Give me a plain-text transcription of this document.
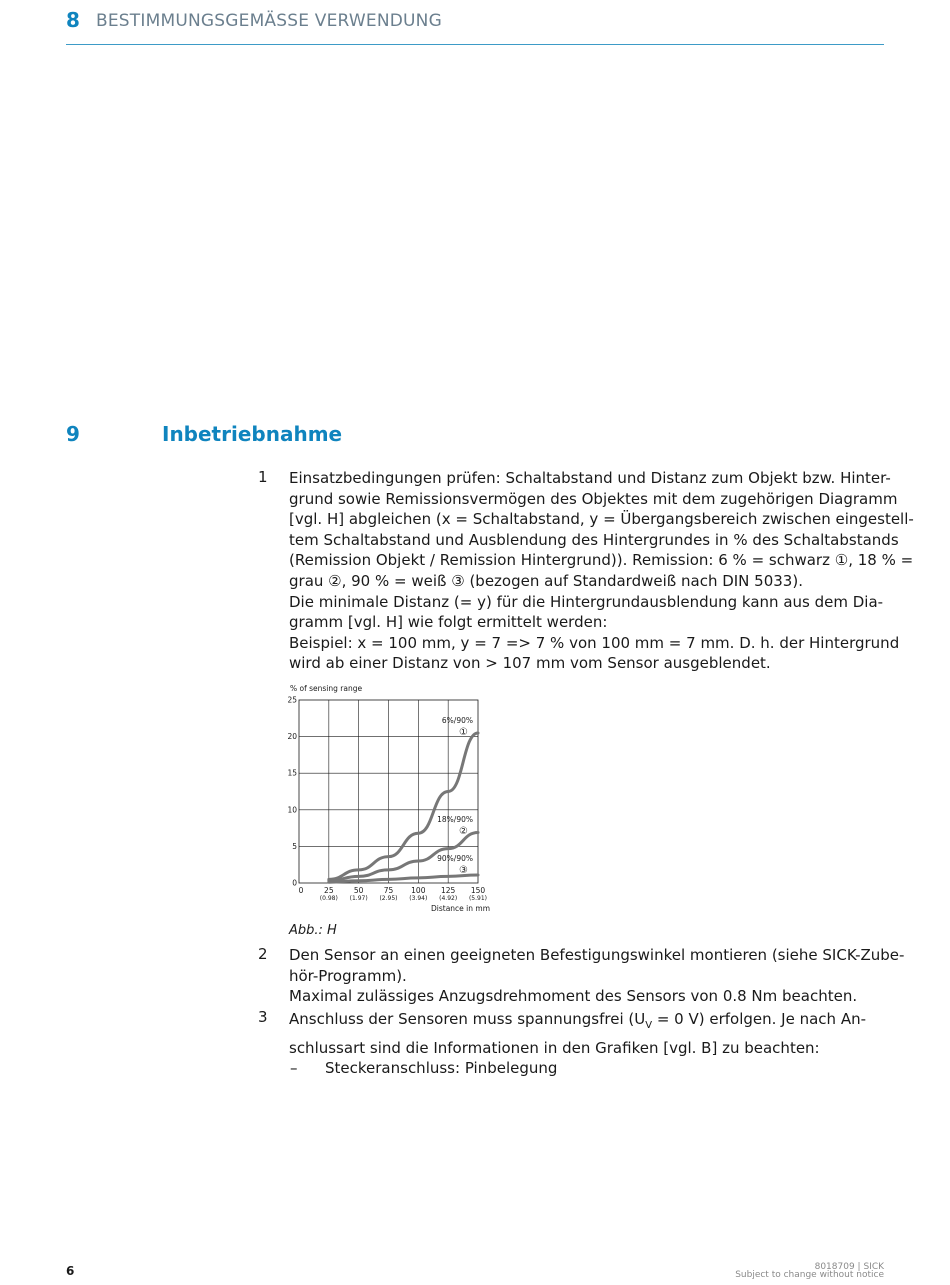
8 BESTIMMUNGSGEMÄSSE VERWENDUNG
9	Inbetriebnahme
1 Einsatzbedingungen prüfen: Schaltabstand und Distanz zum Objekt bzw. Hinter-
grund sowie Remissionsvermögen des Objektes mit dem zugehörigen Diagramm
[vgl. H] abgleichen (x = Schaltabstand, y = Übergangsbereich zwischen eingestell-
tem Schaltabstand und Ausblendung des Hintergrundes in % des Schaltabstands
(Remission Objekt / Remission Hintergrund)). Remission: 6 % = schwarz ①, 18 % =
grau ②, 90 % = weiß ③ (bezogen auf Standardweiß nach DIN 5033).
Die minimale Distanz (= y) für die Hintergrundausblendung kann aus dem Dia-
gramm [vgl. H] wie folgt ermittelt werden:
Beispiel: x = 100 mm, y = 7 => 7 % von 100 mm = 7 mm. D. h. der Hintergrund
wird ab einer Distanz von > 107 mm vom Sensor ausgeblendet.

% of sensing range
0
5
10
15
20
25
0	25
(0.98)
50
(1.97)
75
(2.95)
100
(3.94)
125
(4.92)
150
(5.91)
6%/90%
①
18%/90%
②
90%/90%
③
Distance in mm
Abb.: H
2 Den Sensor an einen geeigneten Befestigungswinkel montieren (siehe SICK-Zube-
hör-Programm).
Maximal zulässiges Anzugsdrehmoment des Sensors von 0.8 Nm beachten.

3 Anschluss der Sensoren muss spannungsfrei ($U_V = 0$ V) erfolgen. Je nach An-
schlussart sind die Informationen in den Grafiken [vgl. B] zu beachten:

– Steckeranschluss: Pinbelegung
6	8018709 | SICK
Subject to change without notice
